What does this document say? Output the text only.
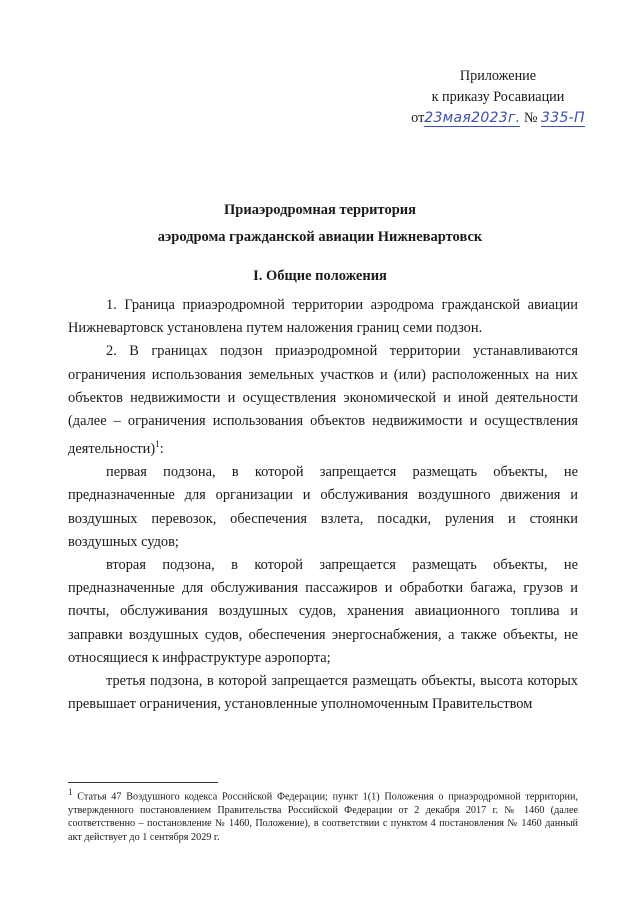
Приложение
к приказу Росавиации
от23мая2023г. № 335-П
Приаэродромная территория
аэродрома гражданской авиации Нижневартовск
I. Общие положения

1. Граница приаэродромной территории аэродрома гражданской авиации Нижневартовск установлена путем наложения границ семи подзон.

2. В границах подзон приаэродромной территории устанавливаются ограничения использования земельных участков и (или) расположенных на них объектов недвижимости и осуществления экономической и иной деятельности (далее – ограничения использования объектов недвижимости и осуществления деятельности)$^1$:

первая подзона, в которой запрещается размещать объекты, не предназначенные для организации и обслуживания воздушного движения и воздушных перевозок, обеспечения взлета, посадки, руления и стоянки воздушных судов;

вторая подзона, в которой запрещается размещать объекты, не предназначенные для обслуживания пассажиров и обработки багажа, грузов и почты, обслуживания воздушных судов, хранения авиационного топлива и заправки воздушных судов, обеспечения энергоснабжения, а также объекты, не относящиеся к инфраструктуре аэропорта;

третья подзона, в которой запрещается размещать объекты, высота которых превышает ограничения, установленные уполномоченным Правительством

$^1$ Статья 47 Воздушного кодекса Российской Федерации; пункт 1(1) Положения о приаэродромной территории, утвержденного постановлением Правительства Российской Федерации от 2 декабря 2017 г. № 1460 (далее соответственно – постановление № 1460, Положение), в соответствии с пунктом 4 постановления № 1460 данный акт действует до 1 сентября 2029 г.
